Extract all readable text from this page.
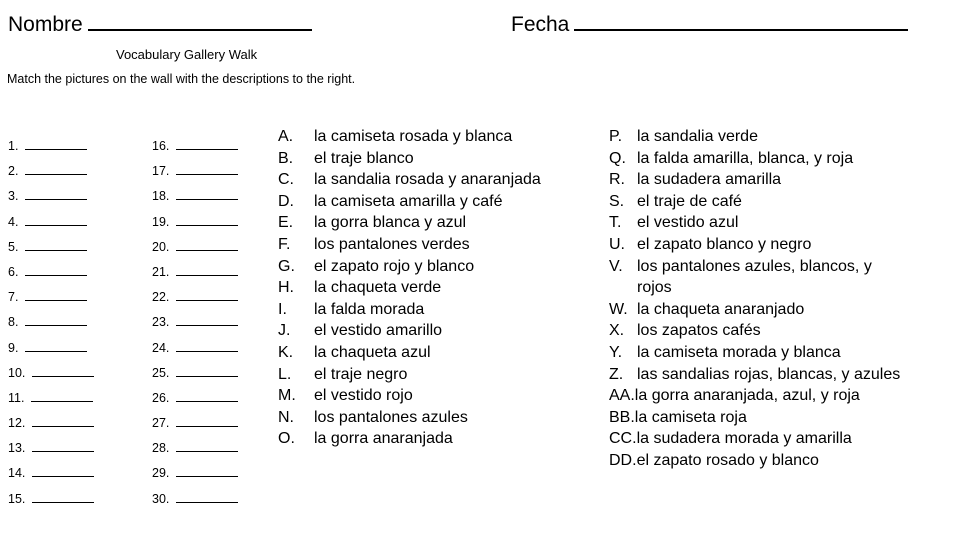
Nombre	Fecha
Vocabulary Gallery Walk
Match the pictures on the wall with the descriptions to the right.
1.
2.
3.
4.
5.
6.
7.
8.
9.
10.
11.
12.
13.
14.
15.
16.
17.
18.
19.
20.
21.
22.
23.
24.
25.
26.
27.
28.
29.
30.
A.	la camiseta rosada y blanca
B.	el traje blanco
C.	la sandalia rosada y anaranjada
D.	la camiseta amarilla y café
E.	la gorra blanca y azul
F.	los pantalones verdes
G.	el zapato rojo y blanco
H.	la chaqueta verde
I.	la falda morada
J.	el vestido amarillo
K.	la chaqueta azul
L.	el traje negro
M.	el vestido rojo
N.	los pantalones azules
O.	la gorra anaranjada
P. la sandalia verde
Q. la falda amarilla, blanca, y roja
R. la sudadera amarilla
S. el traje de café
T. el vestido azul
U. el zapato blanco y negro
V. los pantalones azules, blancos, y
rojos
W. la chaqueta anaranjado
X. los zapatos cafés
Y. la camiseta morada y blanca
Z. las sandalias rojas, blancas, y azules
AA. la gorra anaranjada, azul, y roja
BB. la camiseta roja
CC. la sudadera morada y amarilla
DD. el zapato rosado y blanco
